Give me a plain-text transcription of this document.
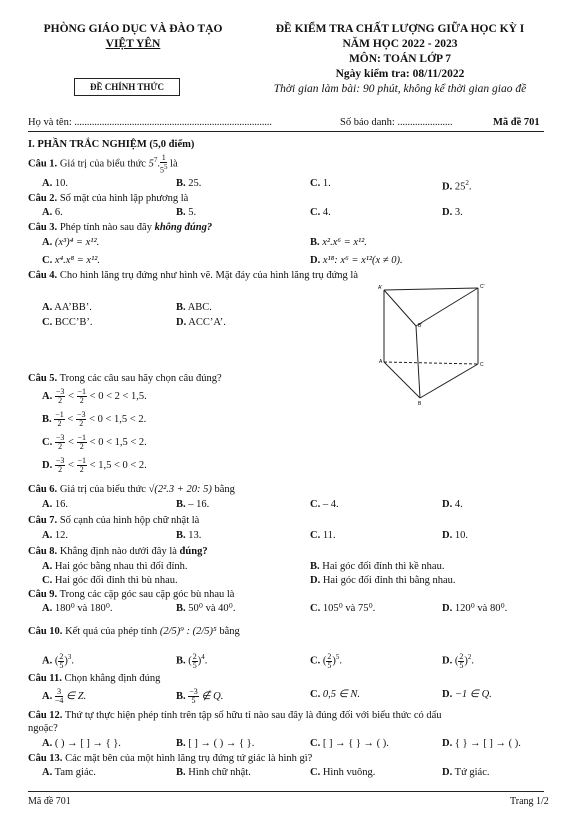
PHÒNG GIÁO DỤC VÀ ĐÀO TẠO
VIỆT YÊN
ĐỀ CHÍNH THỨC
ĐỀ KIỂM TRA CHẤT LƯỢNG GIỮA HỌC KỲ I
NĂM HỌC 2022 - 2023
MÔN: TOÁN LỚP 7
Ngày kiểm tra: 08/11/2022
Thời gian làm bài: 90 phút, không kể thời gian giao đề
Họ và tên: ...............................................................................	Số báo danh: ......................	Mã đề 701
I. PHẦN TRẮC NGHIỆM (5,0 điểm)
Câu 1. Giá trị của biểu thức $5^7$. $\frac{1}{5^5}$ là
A. 10.	B. 25.	C. 1.	D. $25^2$.
Câu 2. Số mặt của hình lập phương là
A. 6.	B. 5.	C. 4.	D. 3.
Câu 3. Phép tính nào sau đây không đúng?
A. (x³)⁴ = x¹².	B. x².x⁶ = x¹².
C. x⁴.x⁸ = x¹².	D. x¹⁸: x⁶ = x¹²(x ≠ 0).
Câu 4. Cho hình lăng trụ đứng như hình vẽ. Mặt đáy của hình lăng trụ đứng là
A. AA’BB’.	B. ABC.
C. BCC’B’.	D. ACC’A’.
A'	C'
B'
A	C
B
Câu 5. Trong các câu sau hãy chọn câu đúng?
A. $\frac{-3}{2} < \frac{-1}{2} < 0 < 2 < 1,5$.
B. $\frac{-1}{2} < \frac{-3}{2} < 0 < 1,5 < 2$.
C. $\frac{-3}{2} < \frac{-1}{2} < 0 < 1,5 < 2$.
D. $\frac{-3}{2} < \frac{-1}{2} < 1,5 < 0 < 2$.
Câu 6. Giá trị của biểu thức √(2².3 + 20: 5) bằng
A. 16.	B. – 16.	C. – 4.	D. 4.
Câu 7. Số cạnh của hình hộp chữ nhật là
A. 12.	B. 13.	C. 11.	D. 10.
Câu 8. Khẳng định nào dưới đây là đúng?
A. Hai góc bằng nhau thì đối đỉnh.	B. Hai góc đối đỉnh thì kề nhau.
C. Hai góc đối đỉnh thì bù nhau.	D. Hai góc đối đỉnh thì bằng nhau.
Câu 9. Trong các cặp góc sau cặp góc bù nhau là
A. 180⁰ và 180⁰.	B. 50⁰ và 40⁰.	C. 105⁰ và 75⁰.	D. 120⁰ và 80⁰.
Câu 10. Kết quả của phép tính (2/5)⁹ : (2/5)⁵ bằng
A. ( $\frac{2}{5} )^3$.	B. ( $\frac{2}{5} )^4$.	C. ( $\frac{2}{5} )^5$.	D. ( $\frac{2}{5} )^2$.
Câu 11. Chọn khẳng định đúng
A. $\frac{3}{-4}$ ∈ Z.	B. $\frac{-3}{5}$ ∉ Q.	C. 0,5 ∈ N.	D. −1 ∈ Q.
Câu 12. Thứ tự thực hiện phép tính trên tập số hữu tỉ nào sau đây là đúng đối với biểu thức có dấu
ngoặc?
A. ( ) → [ ] → { }.	B. [ ] → ( ) → { }.	C. [ ] → { } → ( ).	D. { } → [ ] → ( ).
Câu 13. Các mặt bên của một hình lăng trụ đứng tứ giác là hình gì?
A. Tam giác.	B. Hình chữ nhật.	C. Hình vuông.	D. Tứ giác.
Mã đề 701	Trang 1/2
